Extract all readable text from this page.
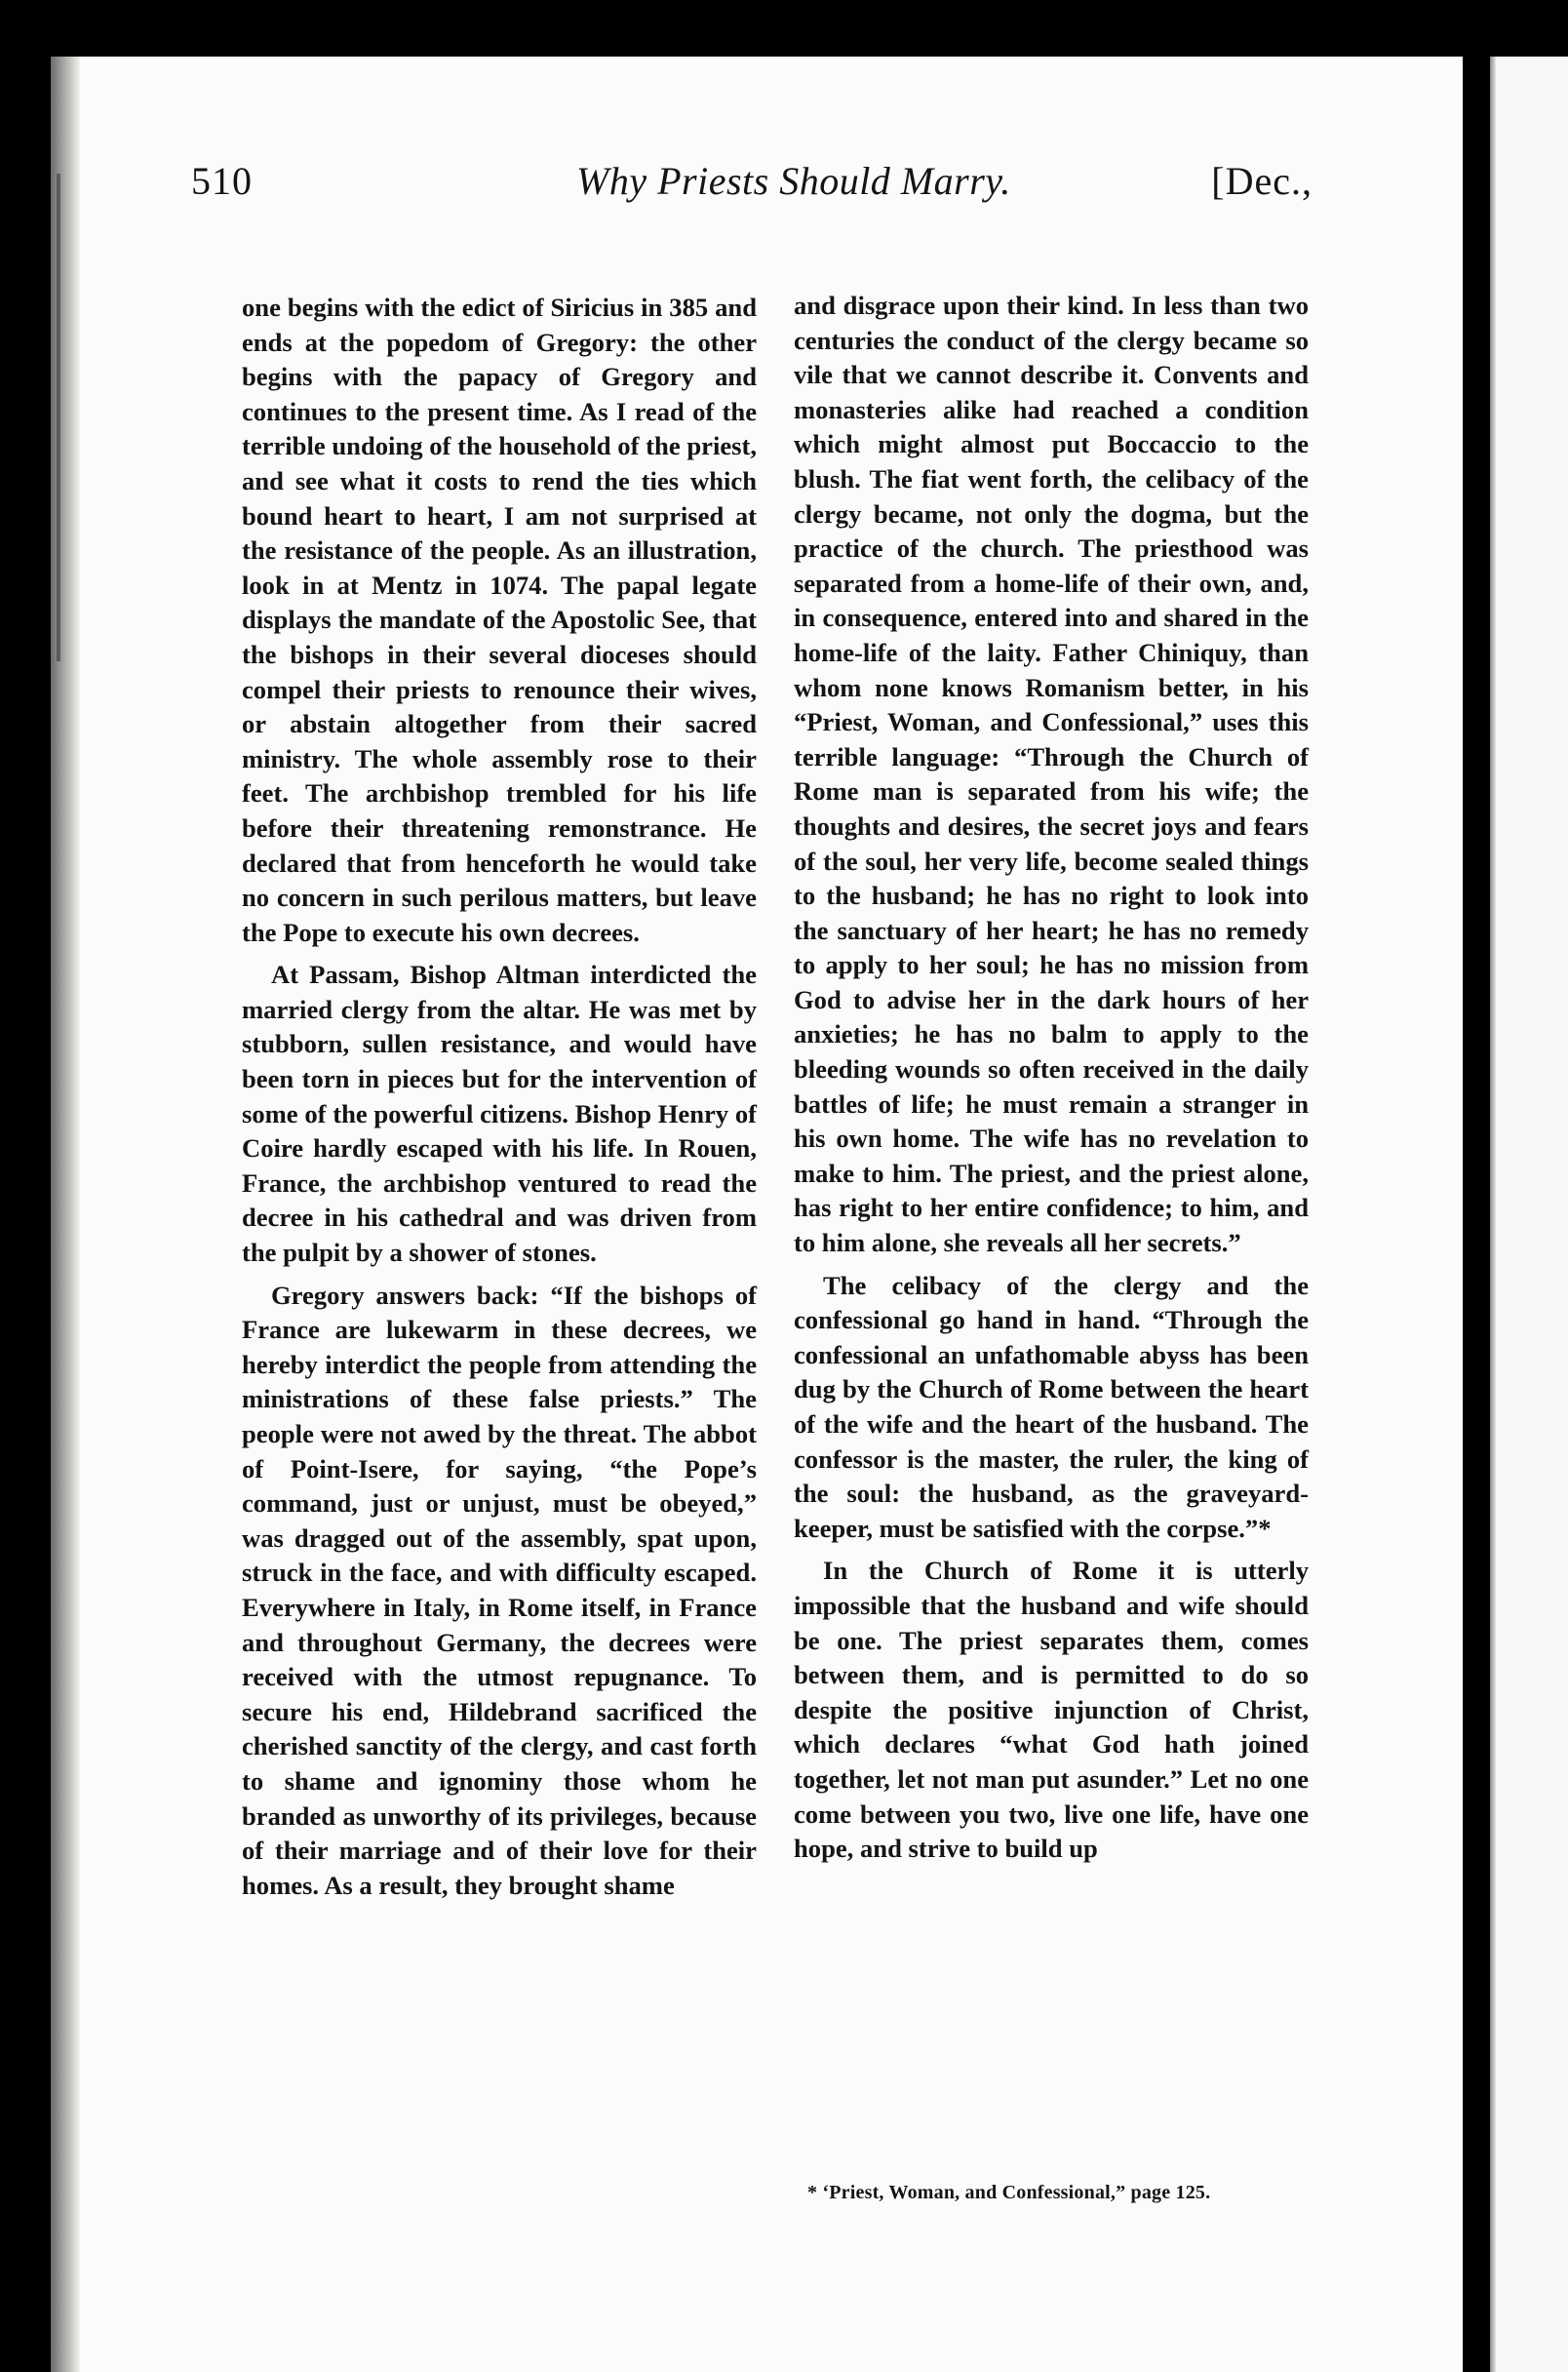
510	Why Priests Should Marry.	[Dec.,

one begins with the edict of Siricius in 385 and ends at the popedom of Gregory: the other begins with the papacy of Gregory and continues to the present time. As I read of the terrible undoing of the household of the priest, and see what it costs to rend the ties which bound heart to heart, I am not surprised at the resistance of the people. As an illustration, look in at Mentz in 1074. The papal legate displays the mandate of the Apostolic See, that the bishops in their several dioceses should compel their priests to renounce their wives, or abstain altogether from their sacred ministry. The whole assembly rose to their feet. The archbishop trembled for his life before their threatening remonstrance. He declared that from henceforth he would take no concern in such perilous matters, but leave the Pope to execute his own decrees.

At Passam, Bishop Altman interdicted the married clergy from the altar. He was met by stubborn, sullen resistance, and would have been torn in pieces but for the intervention of some of the powerful citizens. Bishop Henry of Coire hardly escaped with his life. In Rouen, France, the archbishop ventured to read the decree in his cathedral and was driven from the pulpit by a shower of stones.

Gregory answers back: “If the bishops of France are lukewarm in these decrees, we hereby interdict the people from attending the ministrations of these false priests.” The people were not awed by the threat. The abbot of Point-Isere, for saying, “the Pope’s command, just or unjust, must be obeyed,” was dragged out of the assembly, spat upon, struck in the face, and with difficulty escaped. Everywhere in Italy, in Rome itself, in France and throughout Germany, the decrees were received with the utmost repugnance. To secure his end, Hildebrand sacrificed the cherished sanctity of the clergy, and cast forth to shame and ignominy those whom he branded as unworthy of its privileges, because of their marriage and of their love for their homes. As a result, they brought shame

and disgrace upon their kind. In less than two centuries the conduct of the clergy became so vile that we cannot describe it. Convents and monasteries alike had reached a condition which might almost put Boccaccio to the blush. The fiat went forth, the celibacy of the clergy became, not only the dogma, but the practice of the church. The priesthood was separated from a home-life of their own, and, in consequence, entered into and shared in the home-life of the laity. Father Chiniquy, than whom none knows Romanism better, in his “Priest, Woman, and Confessional,” uses this terrible language: “Through the Church of Rome man is separated from his wife; the thoughts and desires, the secret joys and fears of the soul, her very life, become sealed things to the husband; he has no right to look into the sanctuary of her heart; he has no remedy to apply to her soul; he has no mission from God to advise her in the dark hours of her anxieties; he has no balm to apply to the bleeding wounds so often received in the daily battles of life; he must remain a stranger in his own home. The wife has no revelation to make to him. The priest, and the priest alone, has right to her entire confidence; to him, and to him alone, she reveals all her secrets.”

The celibacy of the clergy and the confessional go hand in hand. “Through the confessional an unfathomable abyss has been dug by the Church of Rome between the heart of the wife and the heart of the husband. The confessor is the master, the ruler, the king of the soul: the husband, as the graveyard-keeper, must be satisfied with the corpse.”*

In the Church of Rome it is utterly impossible that the husband and wife should be one. The priest separates them, comes between them, and is permitted to do so despite the positive injunction of Christ, which declares “what God hath joined together, let not man put asunder.” Let no one come between you two, live one life, have one hope, and strive to build up

* ‘Priest, Woman, and Confessional,” page 125.
